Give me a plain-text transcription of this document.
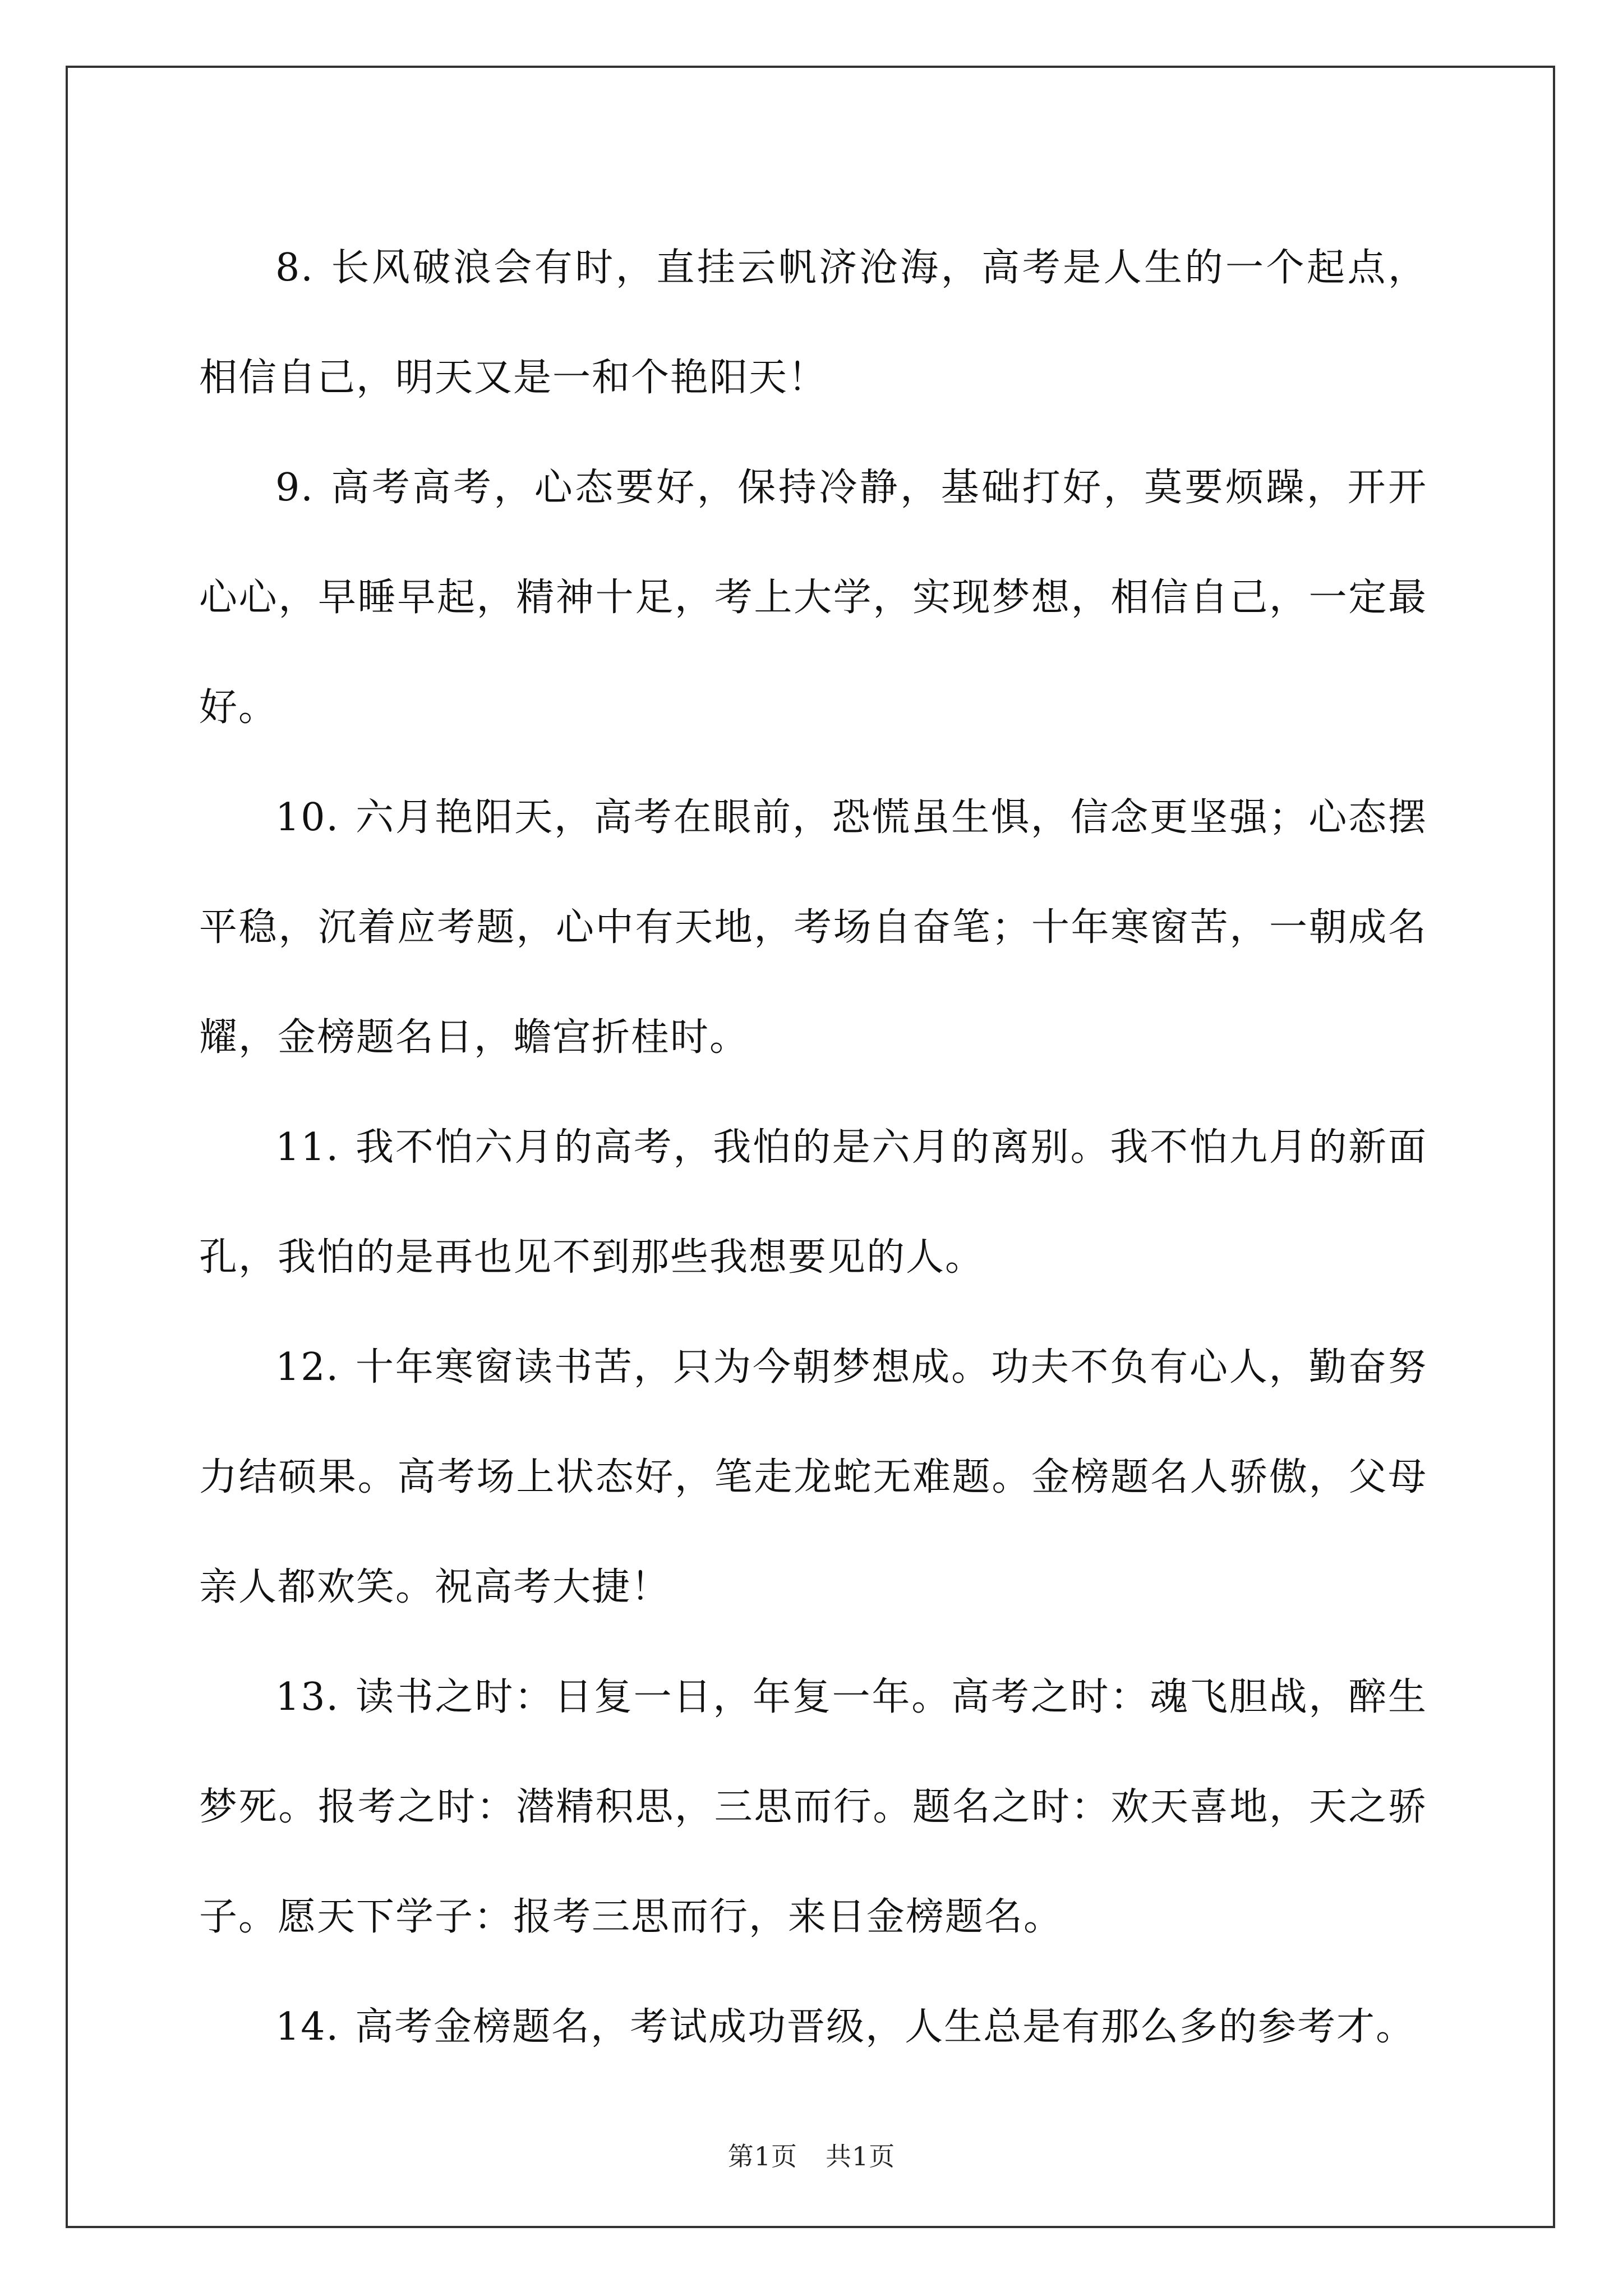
8. 长风破浪会有时，直挂云帆济沧海，高考是人生的一个起点，相信自己，明天又是一和个艳阳天！

9. 高考高考，心态要好，保持冷静，基础打好，莫要烦躁，开开心心，早睡早起，精神十足，考上大学，实现梦想，相信自己，一定最好。

10. 六月艳阳天，高考在眼前，恐慌虽生惧，信念更坚强；心态摆平稳，沉着应考题，心中有天地，考场自奋笔；十年寒窗苦，一朝成名耀，金榜题名日，蟾宫折桂时。

11. 我不怕六月的高考，我怕的是六月的离别。我不怕九月的新面孔，我怕的是再也见不到那些我想要见的人。

12. 十年寒窗读书苦，只为今朝梦想成。功夫不负有心人，勤奋努力结硕果。高考场上状态好，笔走龙蛇无难题。金榜题名人骄傲，父母亲人都欢笑。祝高考大捷！

13. 读书之时：日复一日，年复一年。高考之时：魂飞胆战，醉生梦死。报考之时：潜精积思，三思而行。题名之时：欢天喜地，天之骄子。愿天下学子：报考三思而行，来日金榜题名。

14. 高考金榜题名，考试成功晋级，人生总是有那么多的参考才。

第1页 共1页
